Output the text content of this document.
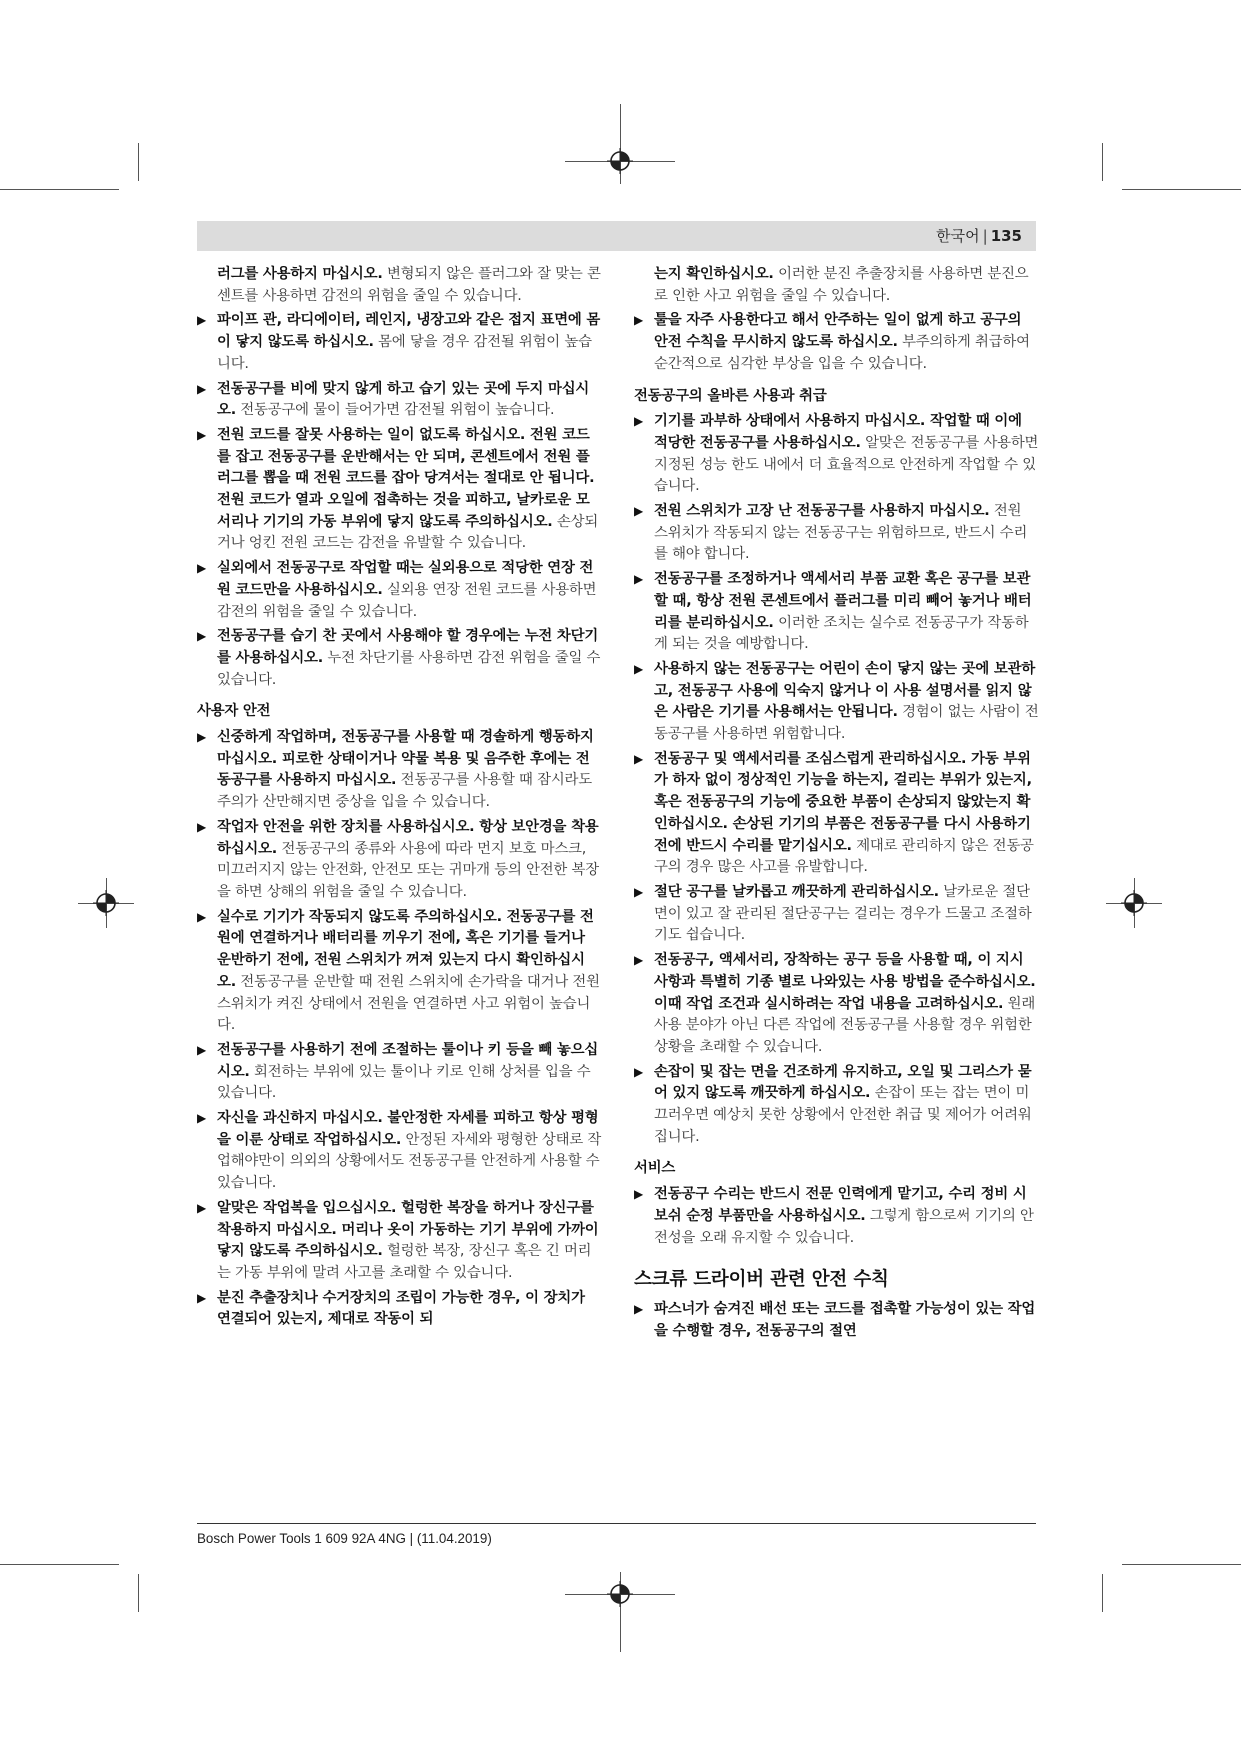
한국어 | 135
러그를 사용하지 마십시오. 변형되지 않은 플러그와 잘 맞는 콘센트를 사용하면 감전의 위험을 줄일 수 있습니다.
▶ 파이프 관, 라디에이터, 레인지, 냉장고와 같은 접지 표면에 몸이 닿지 않도록 하십시오. 몸에 닿을 경우 감전될 위험이 높습니다.
▶ 전동공구를 비에 맞지 않게 하고 습기 있는 곳에 두지 마십시오. 전동공구에 물이 들어가면 감전될 위험이 높습니다.
▶ 전원 코드를 잘못 사용하는 일이 없도록 하십시오. 전원 코드를 잡고 전동공구를 운반해서는 안 되며, 콘센트에서 전원 플러그를 뽑을 때 전원 코드를 잡아 당겨서는 절대로 안 됩니다. 전원 코드가 열과 오일에 접촉하는 것을 피하고, 날카로운 모서리나 기기의 가동 부위에 닿지 않도록 주의하십시오. 손상되거나 엉킨 전원 코드는 감전을 유발할 수 있습니다.
▶ 실외에서 전동공구로 작업할 때는 실외용으로 적당한 연장 전원 코드만을 사용하십시오. 실외용 연장 전원 코드를 사용하면 감전의 위험을 줄일 수 있습니다.
▶ 전동공구를 습기 찬 곳에서 사용해야 할 경우에는 누전 차단기를 사용하십시오. 누전 차단기를 사용하면 감전 위험을 줄일 수 있습니다.
사용자 안전
▶ 신중하게 작업하며, 전동공구를 사용할 때 경솔하게 행동하지 마십시오. 피로한 상태이거나 약물 복용 및 음주한 후에는 전동공구를 사용하지 마십시오. 전동공구를 사용할 때 잠시라도 주의가 산만해지면 중상을 입을 수 있습니다.
▶ 작업자 안전을 위한 장치를 사용하십시오. 항상 보안경을 착용하십시오. 전동공구의 종류와 사용에 따라 먼지 보호 마스크, 미끄러지지 않는 안전화, 안전모 또는 귀마개 등의 안전한 복장을 하면 상해의 위험을 줄일 수 있습니다.
▶ 실수로 기기가 작동되지 않도록 주의하십시오. 전동공구를 전원에 연결하거나 배터리를 끼우기 전에, 혹은 기기를 들거나 운반하기 전에, 전원 스위치가 꺼져 있는지 다시 확인하십시오. 전동공구를 운반할 때 전원 스위치에 손가락을 대거나 전원 스위치가 켜진 상태에서 전원을 연결하면 사고 위험이 높습니다.
▶ 전동공구를 사용하기 전에 조절하는 툴이나 키 등을 빼 놓으십시오. 회전하는 부위에 있는 툴이나 키로 인해 상처를 입을 수 있습니다.
▶ 자신을 과신하지 마십시오. 불안정한 자세를 피하고 항상 평형을 이룬 상태로 작업하십시오. 안정된 자세와 평형한 상태로 작업해야만이 의외의 상황에서도 전동공구를 안전하게 사용할 수 있습니다.
▶ 알맞은 작업복을 입으십시오. 헐렁한 복장을 하거나 장신구를 착용하지 마십시오. 머리나 옷이 가동하는 기기 부위에 가까이 닿지 않도록 주의하십시오. 헐렁한 복장, 장신구 혹은 긴 머리는 가동 부위에 말려 사고를 초래할 수 있습니다.
▶ 분진 추출장치나 수거장치의 조립이 가능한 경우, 이 장치가 연결되어 있는지, 제대로 작동이 되
는지 확인하십시오. 이러한 분진 추출장치를 사용하면 분진으로 인한 사고 위험을 줄일 수 있습니다.
▶ 툴을 자주 사용한다고 해서 안주하는 일이 없게 하고 공구의 안전 수칙을 무시하지 않도록 하십시오. 부주의하게 취급하여 순간적으로 심각한 부상을 입을 수 있습니다.
전동공구의 올바른 사용과 취급
▶ 기기를 과부하 상태에서 사용하지 마십시오. 작업할 때 이에 적당한 전동공구를 사용하십시오. 알맞은 전동공구를 사용하면 지정된 성능 한도 내에서 더 효율적으로 안전하게 작업할 수 있습니다.
▶ 전원 스위치가 고장 난 전동공구를 사용하지 마십시오. 전원 스위치가 작동되지 않는 전동공구는 위험하므로, 반드시 수리를 해야 합니다.
▶ 전동공구를 조정하거나 액세서리 부품 교환 혹은 공구를 보관할 때, 항상 전원 콘센트에서 플러그를 미리 빼어 놓거나 배터리를 분리하십시오. 이러한 조치는 실수로 전동공구가 작동하게 되는 것을 예방합니다.
▶ 사용하지 않는 전동공구는 어린이 손이 닿지 않는 곳에 보관하고, 전동공구 사용에 익숙지 않거나 이 사용 설명서를 읽지 않은 사람은 기기를 사용해서는 안됩니다. 경험이 없는 사람이 전동공구를 사용하면 위험합니다.
▶ 전동공구 및 액세서리를 조심스럽게 관리하십시오. 가동 부위가 하자 없이 정상적인 기능을 하는지, 걸리는 부위가 있는지, 혹은 전동공구의 기능에 중요한 부품이 손상되지 않았는지 확인하십시오. 손상된 기기의 부품은 전동공구를 다시 사용하기 전에 반드시 수리를 맡기십시오. 제대로 관리하지 않은 전동공구의 경우 많은 사고를 유발합니다.
▶ 절단 공구를 날카롭고 깨끗하게 관리하십시오. 날카로운 절단면이 있고 잘 관리된 절단공구는 걸리는 경우가 드물고 조절하기도 쉽습니다.
▶ 전동공구, 액세서리, 장착하는 공구 등을 사용할 때, 이 지시 사항과 특별히 기종 별로 나와있는 사용 방법을 준수하십시오. 이때 작업 조건과 실시하려는 작업 내용을 고려하십시오. 원래 사용 분야가 아닌 다른 작업에 전동공구를 사용할 경우 위험한 상황을 초래할 수 있습니다.
▶ 손잡이 및 잡는 면을 건조하게 유지하고, 오일 및 그리스가 묻어 있지 않도록 깨끗하게 하십시오. 손잡이 또는 잡는 면이 미끄러우면 예상치 못한 상황에서 안전한 취급 및 제어가 어려워집니다.
서비스
▶ 전동공구 수리는 반드시 전문 인력에게 맡기고, 수리 정비 시 보쉬 순정 부품만을 사용하십시오. 그렇게 함으로써 기기의 안전성을 오래 유지할 수 있습니다.
스크류 드라이버 관련 안전 수칙
▶ 파스너가 숨겨진 배선 또는 코드를 접촉할 가능성이 있는 작업을 수행할 경우, 전동공구의 절연
Bosch Power Tools 1 609 92A 4NG | (11.04.2019)
